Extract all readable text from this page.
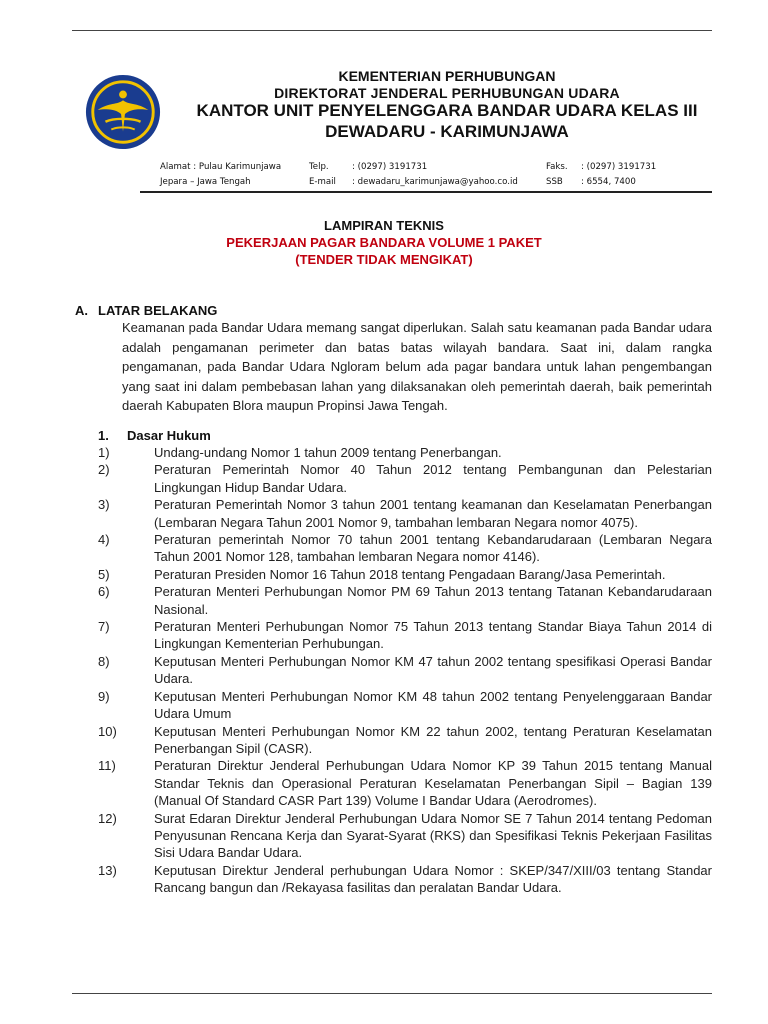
KEMENTERIAN PERHUBUNGAN
DIREKTORAT JENDERAL PERHUBUNGAN UDARA
KANTOR UNIT PENYELENGGARA BANDAR UDARA KELAS III
DEWADARU - KARIMUNJAWA
Alamat : Pulau Karimunjawa
Jepara – Jawa Tengah
Telp.	: (0297) 3191731
E-mail : dewadaru_karimunjawa@yahoo.co.id
Faks. : (0297) 3191731
SSB : 6554, 7400
LAMPIRAN TEKNIS
PEKERJAAN PAGAR BANDARA VOLUME 1 PAKET
(TENDER TIDAK MENGIKAT)
A. LATAR BELAKANG
Keamanan pada Bandar Udara memang sangat diperlukan. Salah satu keamanan pada Bandar udara adalah pengamanan perimeter dan batas batas wilayah bandara. Saat ini, dalam rangka pengamanan, pada Bandar Udara Ngloram belum ada pagar bandara untuk lahan pengembangan yang saat ini dalam pembebasan lahan yang dilaksanakan oleh pemerintah daerah, baik pemerintah daerah Kabupaten Blora maupun Propinsi Jawa Tengah.
1. Dasar Hukum
1)	Undang-undang Nomor 1 tahun 2009 tentang Penerbangan.
2)	Peraturan Pemerintah Nomor 40 Tahun 2012 tentang Pembangunan dan Pelestarian Lingkungan Hidup Bandar Udara.
3)	Peraturan Pemerintah Nomor 3 tahun 2001 tentang keamanan dan Keselamatan Penerbangan (Lembaran Negara Tahun 2001 Nomor 9, tambahan lembaran Negara nomor 4075).
4)	Peraturan pemerintah Nomor 70 tahun 2001 tentang Kebandarudaraan (Lembaran Negara Tahun 2001 Nomor 128, tambahan lembaran Negara nomor 4146).
5)	Peraturan Presiden Nomor 16 Tahun 2018 tentang Pengadaan Barang/Jasa Pemerintah.
6)	Peraturan Menteri Perhubungan Nomor PM 69 Tahun 2013 tentang Tatanan Kebandarudaraan Nasional.
7)	Peraturan Menteri Perhubungan Nomor 75 Tahun 2013 tentang Standar Biaya Tahun 2014 di Lingkungan Kementerian Perhubungan.
8)	Keputusan Menteri Perhubungan Nomor KM 47 tahun 2002 tentang spesifikasi Operasi Bandar Udara.
9)	Keputusan Menteri Perhubungan Nomor KM 48 tahun 2002 tentang Penyelenggaraan Bandar Udara Umum
10)	Keputusan Menteri Perhubungan Nomor KM 22 tahun 2002, tentang Peraturan Keselamatan Penerbangan Sipil (CASR).
11)	Peraturan Direktur Jenderal Perhubungan Udara Nomor KP 39 Tahun 2015 tentang Manual Standar Teknis dan Operasional Peraturan Keselamatan Penerbangan Sipil – Bagian 139 (Manual Of Standard CASR Part 139) Volume I Bandar Udara (Aerodromes).
12)	Surat Edaran Direktur Jenderal Perhubungan Udara Nomor SE 7 Tahun 2014 tentang Pedoman Penyusunan Rencana Kerja dan Syarat-Syarat (RKS) dan Spesifikasi Teknis Pekerjaan Fasilitas Sisi Udara Bandar Udara.
13)	Keputusan Direktur Jenderal perhubungan Udara Nomor : SKEP/347/XIII/03 tentang Standar Rancang bangun dan /Rekayasa fasilitas dan peralatan Bandar Udara.
